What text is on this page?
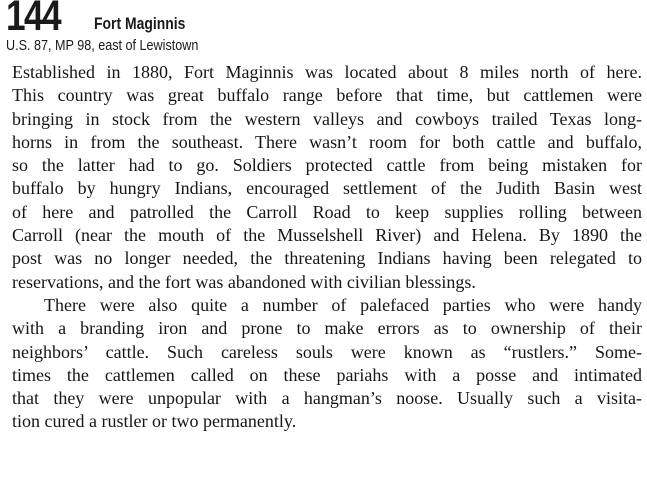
144 Fort Maginnis
U.S. 87, MP 98, east of Lewistown

Established in 1880, Fort Maginnis was located about 8 miles north of here.
This country was great buffalo range before that time, but cattlemen were
bringing in stock from the western valleys and cowboys trailed Texas long-
horns in from the southeast. There wasn’t room for both cattle and buffalo,
so the latter had to go. Soldiers protected cattle from being mistaken for
buffalo by hungry Indians, encouraged settlement of the Judith Basin west
of here and patrolled the Carroll Road to keep supplies rolling between
Carroll (near the mouth of the Musselshell River) and Helena. By 1890 the
post was no longer needed, the threatening Indians having been relegated to
reservations, and the fort was abandoned with civilian blessings.

There were also quite a number of palefaced parties who were handy
with a branding iron and prone to make errors as to ownership of their
neighbors’ cattle. Such careless souls were known as “rustlers.” Some-
times the cattlemen called on these pariahs with a posse and intimated
that they were unpopular with a hangman’s noose. Usually such a visita-
tion cured a rustler or two permanently.
